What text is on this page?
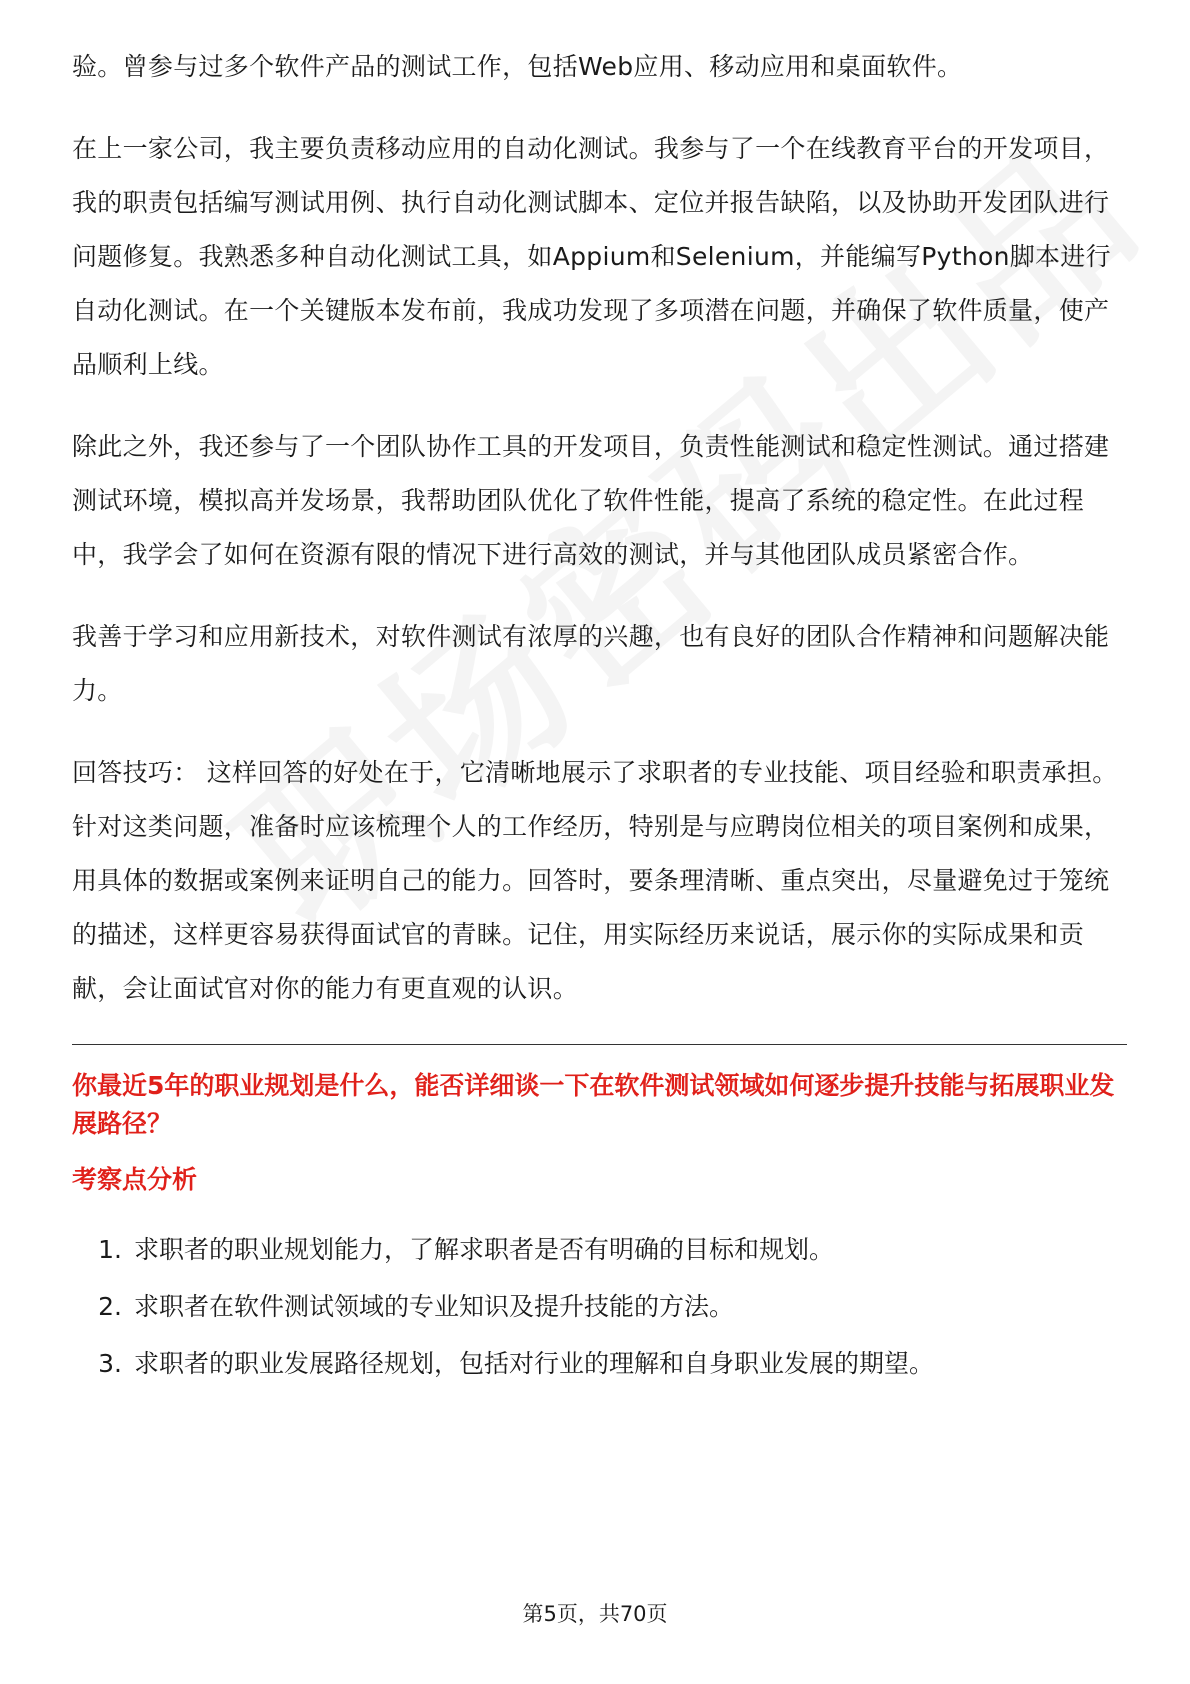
验。曾参与过多个软件产品的测试工作，包括Web应用、移动应用和桌面软件。

在上一家公司，我主要负责移动应用的自动化测试。我参与了一个在线教育平台的开发项目，我的职责包括编写测试用例、执行自动化测试脚本、定位并报告缺陷，以及协助开发团队进行问题修复。我熟悉多种自动化测试工具，如Appium和Selenium，并能编写Python脚本进行自动化测试。在一个关键版本发布前，我成功发现了多项潜在问题，并确保了软件质量，使产品顺利上线。

除此之外，我还参与了一个团队协作工具的开发项目，负责性能测试和稳定性测试。通过搭建测试环境，模拟高并发场景，我帮助团队优化了软件性能，提高了系统的稳定性。在此过程中，我学会了如何在资源有限的情况下进行高效的测试，并与其他团队成员紧密合作。

我善于学习和应用新技术，对软件测试有浓厚的兴趣，也有良好的团队合作精神和问题解决能力。

回答技巧： 这样回答的好处在于，它清晰地展示了求职者的专业技能、项目经验和职责承担。针对这类问题，准备时应该梳理个人的工作经历，特别是与应聘岗位相关的项目案例和成果，用具体的数据或案例来证明自己的能力。回答时，要条理清晰、重点突出，尽量避免过于笼统的描述，这样更容易获得面试官的青睐。记住，用实际经历来说话，展示你的实际成果和贡献，会让面试官对你的能力有更直观的认识。

你最近5年的职业规划是什么，能否详细谈一下在软件测试领域如何逐步提升技能与拓展职业发展路径？
考察点分析
1. 求职者的职业规划能力，了解求职者是否有明确的目标和规划。
2. 求职者在软件测试领域的专业知识及提升技能的方法。
3. 求职者的职业发展路径规划，包括对行业的理解和自身职业发展的期望。
第5页，共70页
